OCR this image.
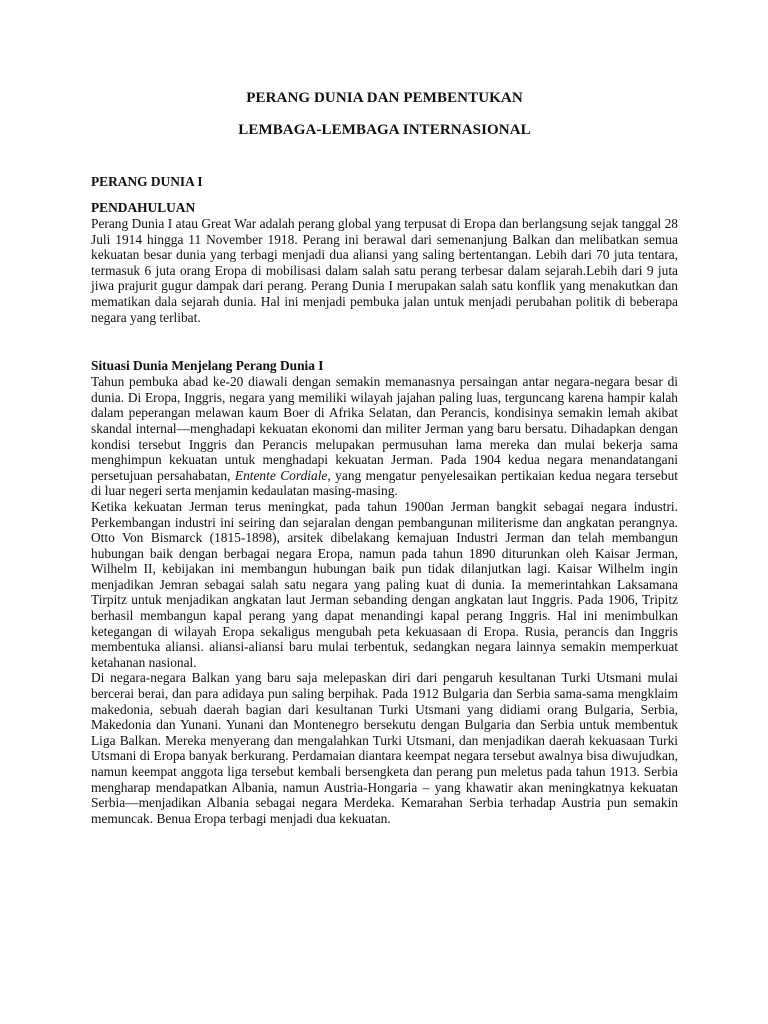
PERANG DUNIA DAN PEMBENTUKAN
LEMBAGA-LEMBAGA INTERNASIONAL
PERANG DUNIA I
PENDAHULUAN

Perang Dunia I atau Great War adalah perang global yang terpusat di Eropa dan berlangsung sejak tanggal 28 Juli 1914 hingga 11 November 1918. Perang ini berawal dari semenanjung Balkan dan melibatkan semua kekuatan besar dunia yang terbagi menjadi dua aliansi yang saling bertentangan. Lebih dari 70 juta tentara, termasuk 6 juta orang Eropa di mobilisasi dalam salah satu perang terbesar dalam sejarah.Lebih dari 9 juta jiwa prajurit gugur dampak dari perang. Perang Dunia I merupakan salah satu konflik yang menakutkan dan mematikan dala sejarah dunia. Hal ini menjadi pembuka jalan untuk menjadi perubahan politik di beberapa negara yang terlibat.

Situasi Dunia Menjelang Perang Dunia I

Tahun pembuka abad ke-20 diawali dengan semakin memanasnya persaingan antar negara-negara besar di dunia. Di Eropa, Inggris, negara yang memiliki wilayah jajahan paling luas, terguncang karena hampir kalah dalam peperangan melawan kaum Boer di Afrika Selatan, dan Perancis, kondisinya semakin lemah akibat skandal internal—menghadapi kekuatan ekonomi dan militer Jerman yang baru bersatu. Dihadapkan dengan kondisi tersebut Inggris dan Perancis melupakan permusuhan lama mereka dan mulai bekerja sama menghimpun kekuatan untuk menghadapi kekuatan Jerman. Pada 1904 kedua negara menandatangani persetujuan persahabatan, Entente Cordiale, yang mengatur penyelesaikan pertikaian kedua negara tersebut di luar negeri serta menjamin kedaulatan masing-masing.

Ketika kekuatan Jerman terus meningkat, pada tahun 1900an Jerman bangkit sebagai negara industri. Perkembangan industri ini seiring dan sejaralan dengan pembangunan militerisme dan angkatan perangnya. Otto Von Bismarck (1815-1898), arsitek dibelakang kemajuan Industri Jerman dan telah membangun hubungan baik dengan berbagai negara Eropa, namun pada tahun 1890 diturunkan oleh Kaisar Jerman, Wilhelm II, kebijakan ini membangun hubungan baik pun tidak dilanjutkan lagi. Kaisar Wilhelm ingin menjadikan Jemran sebagai salah satu negara yang paling kuat di dunia. Ia memerintahkan Laksamana Tirpitz untuk menjadikan angkatan laut Jerman sebanding dengan angkatan laut Inggris. Pada 1906, Tripitz berhasil membangun kapal perang yang dapat menandingi kapal perang Inggris. Hal ini menimbulkan ketegangan di wilayah Eropa sekaligus mengubah peta kekuasaan di Eropa. Rusia, perancis dan Inggris membentuka aliansi. aliansi-aliansi baru mulai terbentuk, sedangkan negara lainnya semakin memperkuat ketahanan nasional.

Di negara-negara Balkan yang baru saja melepaskan diri dari pengaruh kesultanan Turki Utsmani mulai bercerai berai, dan para adidaya pun saling berpihak. Pada 1912 Bulgaria dan Serbia sama-sama mengklaim makedonia, sebuah daerah bagian dari kesultanan Turki Utsmani yang didiami orang Bulgaria, Serbia, Makedonia dan Yunani. Yunani dan Montenegro bersekutu dengan Bulgaria dan Serbia untuk membentuk Liga Balkan. Mereka menyerang dan mengalahkan Turki Utsmani, dan menjadikan daerah kekuasaan Turki Utsmani di Eropa banyak berkurang. Perdamaian diantara keempat negara tersebut awalnya bisa diwujudkan, namun keempat anggota liga tersebut kembali bersengketa dan perang pun meletus pada tahun 1913. Serbia mengharap mendapatkan Albania, namun Austria-Hongaria – yang khawatir akan meningkatnya kekuatan Serbia—menjadikan Albania sebagai negara Merdeka. Kemarahan Serbia terhadap Austria pun semakin memuncak. Benua Eropa terbagi menjadi dua kekuatan.
